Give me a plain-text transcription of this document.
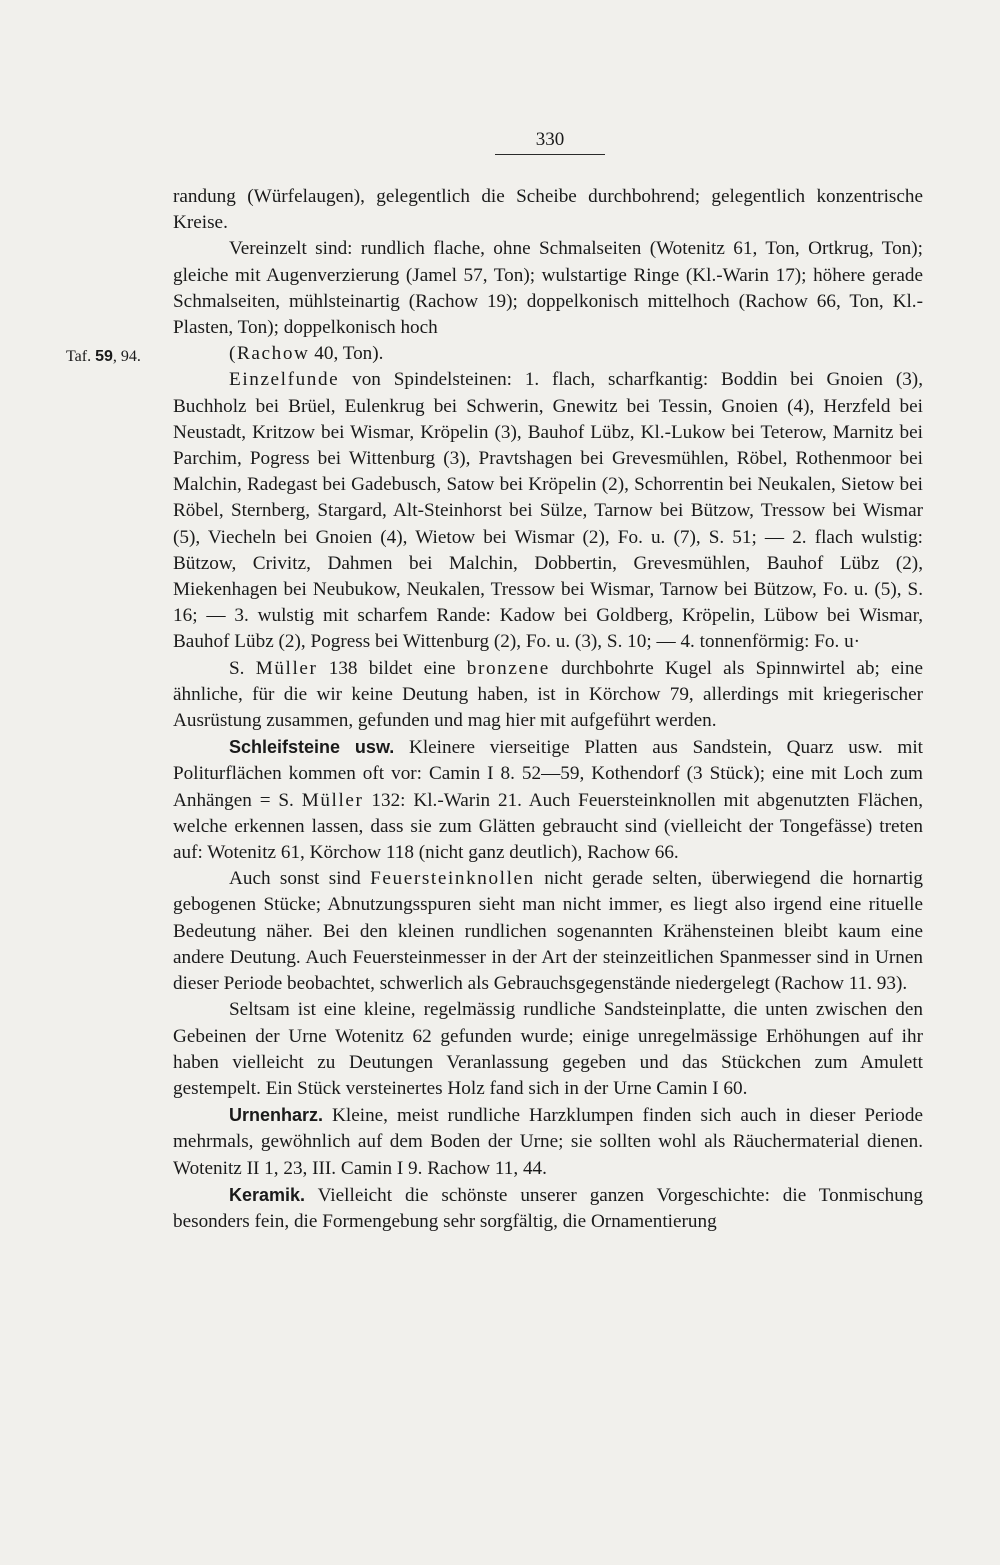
330
Taf. 59, 94.

randung (Würfelaugen), gelegentlich die Scheibe durchbohrend; gelegentlich konzentrische Kreise.

Vereinzelt sind: rundlich flache, ohne Schmalseiten (Wotenitz 61, Ton, Ortkrug, Ton); gleiche mit Augenverzierung (Jamel 57, Ton); wulstartige Ringe (Kl.-Warin 17); höhere gerade Schmalseiten, mühlsteinartig (Rachow 19); doppelkonisch mittelhoch (Rachow 66, Ton, Kl.-Plasten, Ton); doppelkonisch hoch
(Rachow 40, Ton).

Einzelfunde von Spindelsteinen: 1. flach, scharfkantig: Boddin bei Gnoien (3), Buchholz bei Brüel, Eulenkrug bei Schwerin, Gnewitz bei Tessin, Gnoien (4), Herzfeld bei Neustadt, Kritzow bei Wismar, Kröpelin (3), Bauhof Lübz, Kl.-Lukow bei Teterow, Marnitz bei Parchim, Pogress bei Wittenburg (3), Pravtshagen bei Grevesmühlen, Röbel, Rothenmoor bei Malchin, Radegast bei Gadebusch, Satow bei Kröpelin (2), Schorrentin bei Neukalen, Sietow bei Röbel, Sternberg, Stargard, Alt-Steinhorst bei Sülze, Tarnow bei Bützow, Tressow bei Wismar (5), Viecheln bei Gnoien (4), Wietow bei Wismar (2), Fo. u. (7), S. 51; — 2. flach wulstig: Bützow, Crivitz, Dahmen bei Malchin, Dobbertin, Grevesmühlen, Bauhof Lübz (2), Miekenhagen bei Neubukow, Neukalen, Tressow bei Wismar, Tarnow bei Bützow, Fo. u. (5), S. 16; — 3. wulstig mit scharfem Rande: Kadow bei Goldberg, Kröpelin, Lübow bei Wismar, Bauhof Lübz (2), Pogress bei Wittenburg (2), Fo. u. (3), S. 10; — 4. tonnenförmig: Fo. u·

S. Müller 138 bildet eine bronzene durchbohrte Kugel als Spinnwirtel ab; eine ähnliche, für die wir keine Deutung haben, ist in Körchow 79, allerdings mit kriegerischer Ausrüstung zusammen, gefunden und mag hier mit aufgeführt werden.

Schleifsteine usw. Kleinere vierseitige Platten aus Sandstein, Quarz usw. mit Politurflächen kommen oft vor: Camin I 8. 52—59, Kothendorf (3 Stück); eine mit Loch zum Anhängen = S. Müller 132: Kl.-Warin 21. Auch Feuersteinknollen mit abgenutzten Flächen, welche erkennen lassen, dass sie zum Glätten gebraucht sind (vielleicht der Tongefässe) treten auf: Wotenitz 61, Körchow 118 (nicht ganz deutlich), Rachow 66.

Auch sonst sind Feuersteinknollen nicht gerade selten, überwiegend die hornartig gebogenen Stücke; Abnutzungsspuren sieht man nicht immer, es liegt also irgend eine rituelle Bedeutung näher. Bei den kleinen rundlichen sogenannten Krähensteinen bleibt kaum eine andere Deutung. Auch Feuersteinmesser in der Art der steinzeitlichen Spanmesser sind in Urnen dieser Periode beobachtet, schwerlich als Gebrauchsgegenstände niedergelegt (Rachow 11. 93).

Seltsam ist eine kleine, regelmässig rundliche Sandsteinplatte, die unten zwischen den Gebeinen der Urne Wotenitz 62 gefunden wurde; einige unregelmässige Erhöhungen auf ihr haben vielleicht zu Deutungen Veranlassung gegeben und das Stückchen zum Amulett gestempelt. Ein Stück versteinertes Holz fand sich in der Urne Camin I 60.

Urnenharz. Kleine, meist rundliche Harzklumpen finden sich auch in dieser Periode mehrmals, gewöhnlich auf dem Boden der Urne; sie sollten wohl als Räuchermaterial dienen. Wotenitz II 1, 23, III. Camin I 9. Rachow 11, 44.

Keramik. Vielleicht die schönste unserer ganzen Vorgeschichte: die Tonmischung besonders fein, die Formengebung sehr sorgfältig, die Ornamentierung
